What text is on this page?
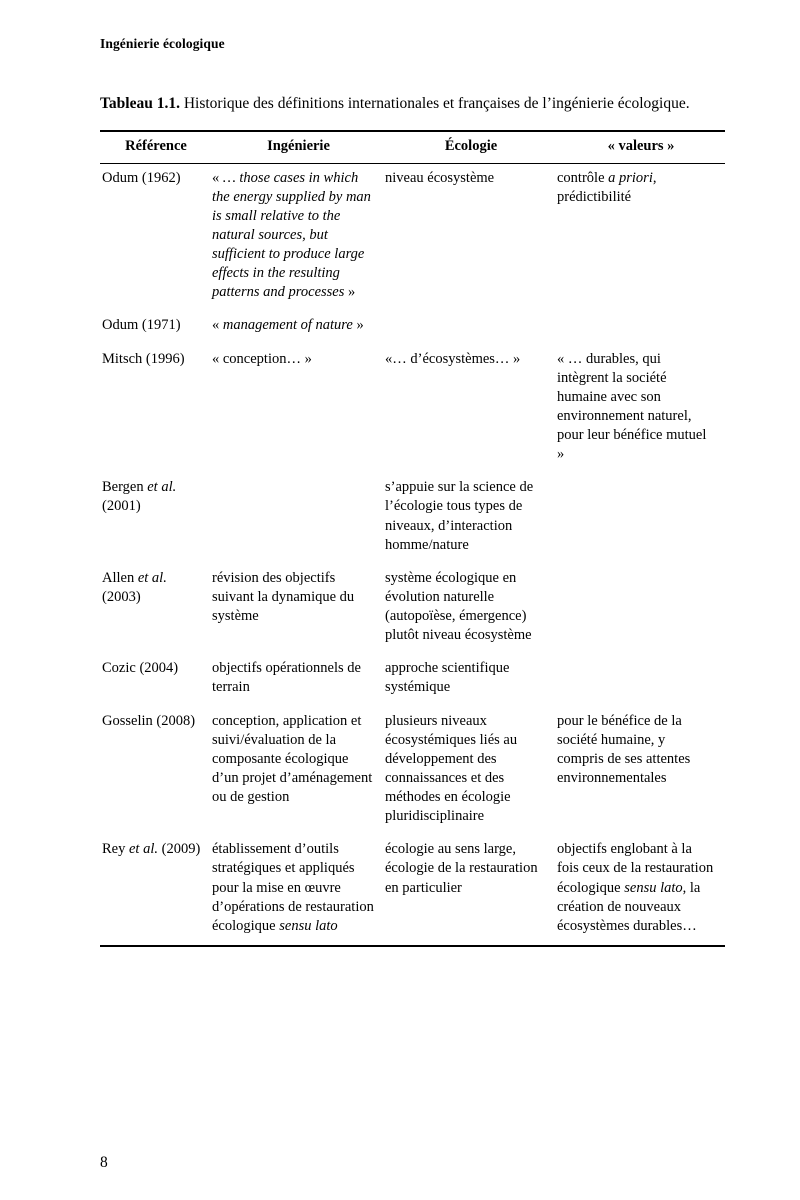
Ingénierie écologique

Tableau 1.1. Historique des définitions internationales et françaises de l’ingénierie écologique.

Référence	Ingénierie	Écologie	« valeurs »
Odum (1962)	« … those cases in which the energy supplied by man is small relative to the natural sources, but sufficient to produce large effects in the resulting patterns and processes »	niveau écosystème	contrôle a priori, prédictibilité
Odum (1971)	« management of nature »		
Mitsch (1996)	« conception… »	«… d’écosystèmes… »	« … durables, qui intègrent la société humaine avec son environnement naturel, pour leur bénéfice mutuel »
Bergen et al. (2001)		s’appuie sur la science de l’écologie tous types de niveaux, d’interaction homme/nature	
Allen et al. (2003)	révision des objectifs suivant la dynamique du système	système écologique en évolution naturelle (autopoïèse, émergence) plutôt niveau écosystème	
Cozic (2004)	objectifs opérationnels de terrain	approche scientifique systémique	
Gosselin (2008)	conception, application et suivi/évaluation de la composante écologique d’un projet d’aménagement ou de gestion	plusieurs niveaux écosystémiques liés au développement des connaissances et des méthodes en écologie pluridisciplinaire	pour le bénéfice de la société humaine, y compris de ses attentes environnementales
Rey et al. (2009)	établissement d’outils stratégiques et appliqués pour la mise en œuvre d’opérations de restauration écologique sensu lato	écologie au sens large, écologie de la restauration en particulier	objectifs englobant à la fois ceux de la restauration écologique sensu lato, la création de nouveaux écosystèmes durables…
8
